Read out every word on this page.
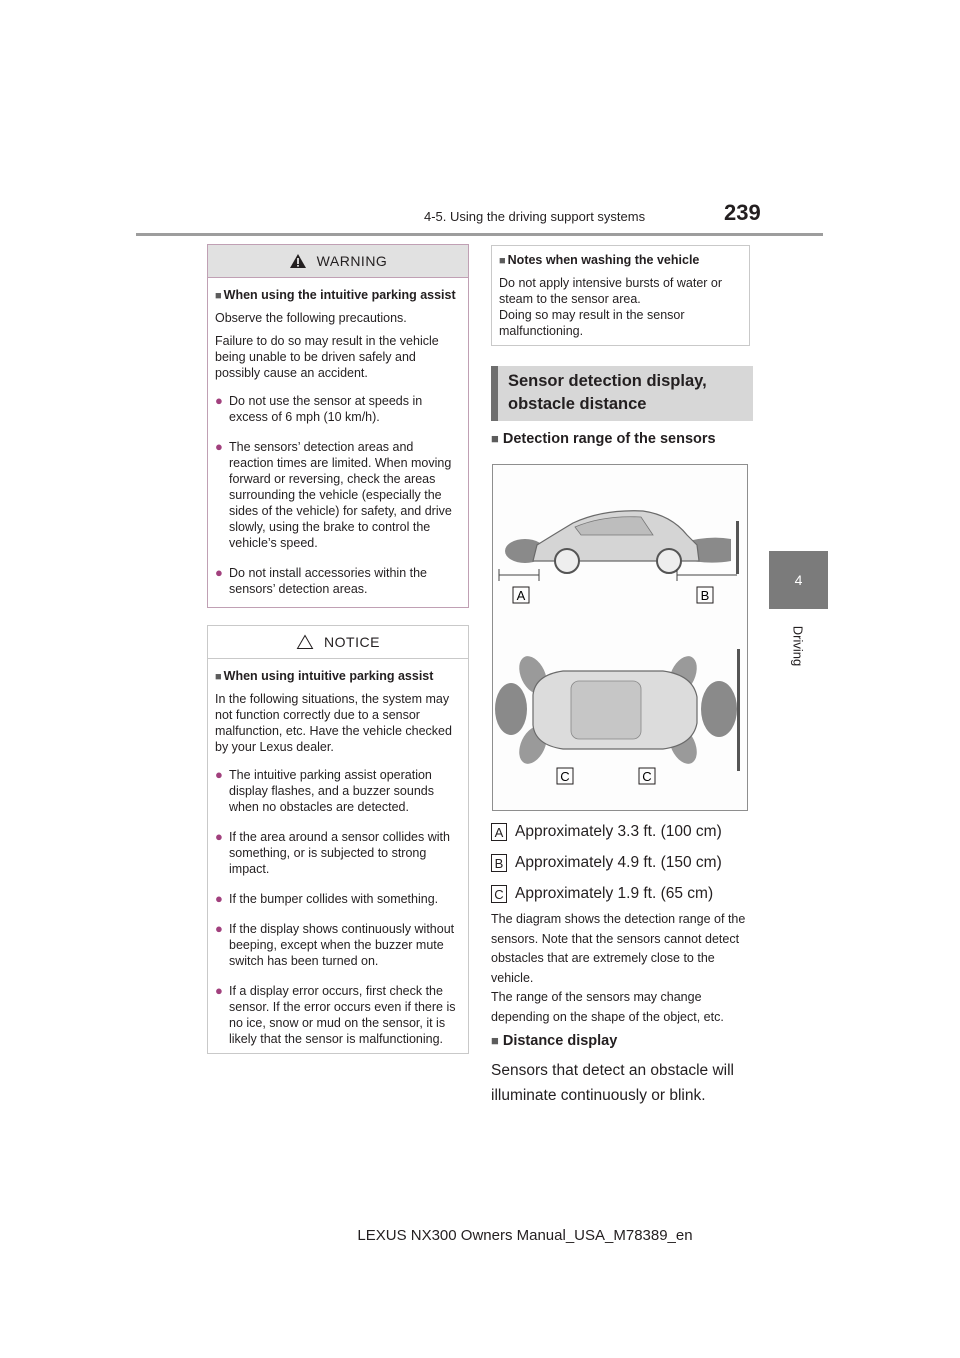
4-5. Using the driving support systems	239
4
Driving
WARNING
■ When using the intuitive parking assist

Observe the following precautions.

Failure to do so may result in the vehicle being unable to be driven safely and possibly cause an accident.

● Do not use the sensor at speeds in excess of 6 mph (10 km/h).
● The sensors’ detection areas and reaction times are limited. When moving forward or reversing, check the areas surrounding the vehicle (especially the sides of the vehicle) for safety, and drive slowly, using the brake to control the vehicle’s speed.
● Do not install accessories within the sensors’ detection areas.
NOTICE
■ When using intuitive parking assist

In the following situations, the system may not function correctly due to a sensor malfunction, etc. Have the vehicle checked by your Lexus dealer.

● The intuitive parking assist operation display flashes, and a buzzer sounds when no obstacles are detected.
● If the area around a sensor collides with something, or is subjected to strong impact.
● If the bumper collides with something.
● If the display shows continuously without beeping, except when the buzzer mute switch has been turned on.
● If a display error occurs, first check the sensor. If the error occurs even if there is no ice, snow or mud on the sensor, it is likely that the sensor is malfunctioning.
■ Notes when washing the vehicle

Do not apply intensive bursts of water or steam to the sensor area.

Doing so may result in the sensor malfunctioning.

Sensor detection display, obstacle distance
■ Detection range of the sensors
A	B
C	C
A Approximately 3.3 ft. (100 cm)
B Approximately 4.9 ft. (150 cm)
C Approximately 1.9 ft. (65 cm)
The diagram shows the detection range of the sensors. Note that the sensors cannot detect obstacles that are extremely close to the vehicle.
The range of the sensors may change depending on the shape of the object, etc.
■ Distance display
Sensors that detect an obstacle will illuminate continuously or blink.
LEXUS NX300 Owners Manual_USA_M78389_en
